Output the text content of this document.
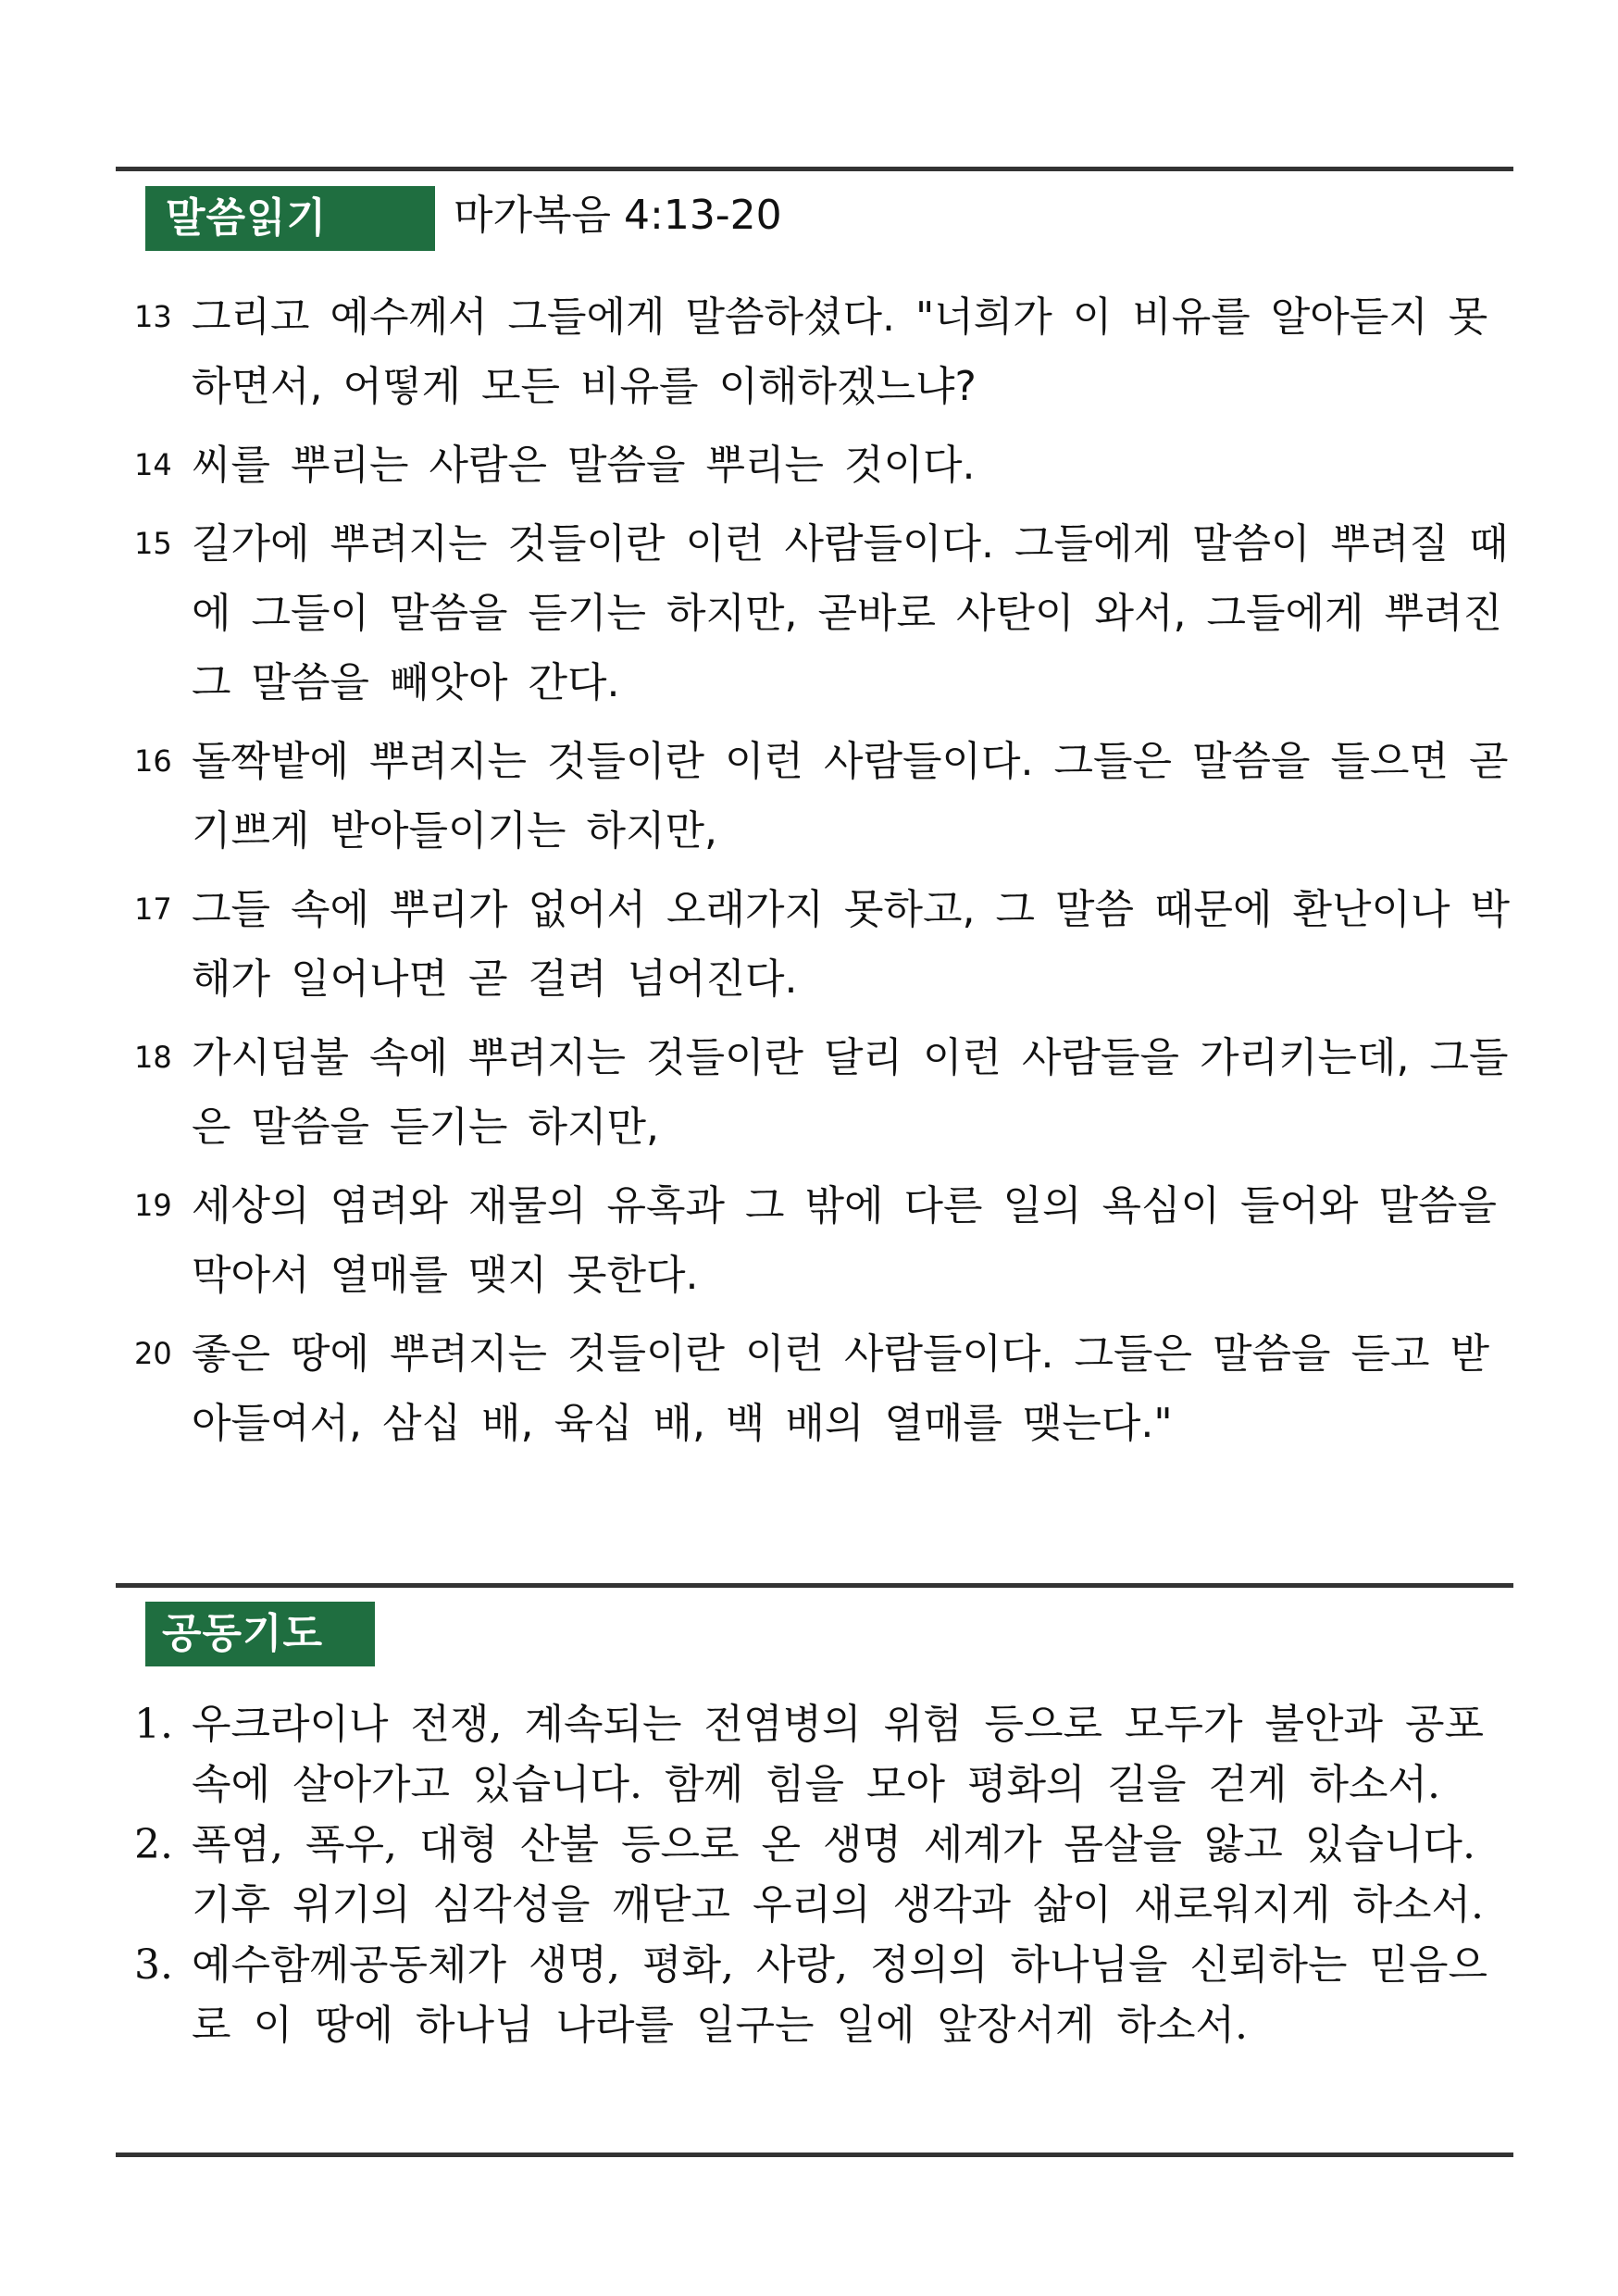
말씀읽기	마가복음 4:13-20
13 그리고 예수께서 그들에게 말씀하셨다. "너희가 이 비유를 알아듣지 못하면서, 어떻게 모든 비유를 이해하겠느냐?
14 씨를 뿌리는 사람은 말씀을 뿌리는 것이다.
15 길가에 뿌려지는 것들이란 이런 사람들이다. 그들에게 말씀이 뿌려질 때에 그들이 말씀을 듣기는 하지만, 곧바로 사탄이 와서, 그들에게 뿌려진 그 말씀을 빼앗아 간다.
16 돌짝밭에 뿌려지는 것들이란 이런 사람들이다. 그들은 말씀을 들으면 곧 기쁘게 받아들이기는 하지만,
17 그들 속에 뿌리가 없어서 오래가지 못하고, 그 말씀 때문에 환난이나 박해가 일어나면 곧 걸려 넘어진다.
18 가시덤불 속에 뿌려지는 것들이란 달리 이런 사람들을 가리키는데, 그들은 말씀을 듣기는 하지만,
19 세상의 염려와 재물의 유혹과 그 밖에 다른 일의 욕심이 들어와 말씀을 막아서 열매를 맺지 못한다.
20 좋은 땅에 뿌려지는 것들이란 이런 사람들이다. 그들은 말씀을 듣고 받아들여서, 삼십 배, 육십 배, 백 배의 열매를 맺는다."
공동기도
1. 우크라이나 전쟁, 계속되는 전염병의 위험 등으로 모두가 불안과 공포 속에 살아가고 있습니다. 함께 힘을 모아 평화의 길을 걷게 하소서.
2. 폭염, 폭우, 대형 산불 등으로 온 생명 세계가 몸살을 앓고 있습니다. 기후 위기의 심각성을 깨닫고 우리의 생각과 삶이 새로워지게 하소서.
3. 예수함께공동체가 생명, 평화, 사랑, 정의의 하나님을 신뢰하는 믿음으로 이 땅에 하나님 나라를 일구는 일에 앞장서게 하소서.
